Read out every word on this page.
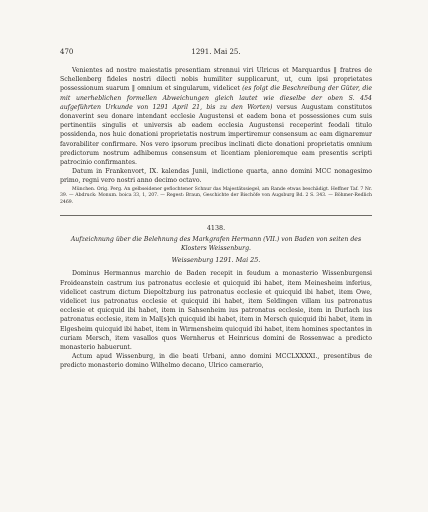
470	1291. Mai 25.

Venientes ad nostre maiestatis presentiam strennui viri Ulricus et Marquardus ‖ fratres de Schellenberg fideles nostri dilecti nobis humiliter supplicarunt, ut, cum ipsi proprietates possessionum suarum ‖ omnium et singularum, videlicet (es folgt die Beschreibung der Güter, die mit unerheblichen formellen Abweichungen gleich lautet wie dieselbe der oben S. 454 aufgeführten Urkunde von 1291 April 21, bis zu den Worten) versus Augustam constitutos donaverint seu donare intendant ecclesie Augustensi et eadem bona et possessiones cum suis pertinentiis singulis et universis ab eadem ecclesia Augustensi receperint feodali titulo possidenda, nos huic donationi proprietatis nostrum impertiremur consensum ac eam dignaremur favorabiliter confirmare. Nos vero ipsorum precibus inclinati dicte donationi proprietatis omnium predictorum nostrum adhibemus consensum et licentiam plenioremque eam presentis scripti patrocinio confirmantes.

Datum in Frankenvort, IX. kalendas Junii, indictione quarta, anno domini MCC nonagesimo primo, regni vero nostri anno decimo octavo.

München. Orig. Perg. An gelbseidener geflochtener Schnur das Majestätssiegel, am Rande etwas beschädigt. Heffner Taf. 7 Nr. 39. — Abdruck: Monum. boica 33, 1, 207. — Regest: Braun, Geschichte der Bischöfe von Augsburg Bd. 2 S. 343. — Böhmer-Redlich 2469.

4138.
Aufzeichnung über die Belehnung des Markgrafen Hermann (VII.) von Baden von seiten des Klosters Weissenburg.
Weissenburg 1291. Mai 25.

Dominus Hermannus marchio de Baden recepit in feudum a monasterio Wissenburgensi Froideanstein castrum ius patronatus ecclesie et quicquid ibi habet, item Meinesheim inferius, videlicet castrum dictum Diepoltzburg ius patronatus ecclesie et quicquid ibi habet, item Owe, videlicet ius patronatus ecclesie et quicquid ibi habet, item Seldingen villam ius patronatus ecclesie et quicquid ibi habet, item in Sahsenheim ius patronatus ecclesie, item in Durlach ius patronatus ecclesie, item in Mal[s]ch quicquid ibi habet, item in Mersch quicquid ibi habet, item in Elgesheim quicquid ibi habet, item in Wirmensheim quicquid ibi habet, item homines spectantes in curiam Mersch, item vasallos quos Wernherus et Heinricus domini de Rossenwac a predicto monasterio habuerunt.

Actum apud Wissenburg, in die beati Urbani, anno domini MCCLXXXXI., presentibus de predicto monasterio domino Wilhelmo decano, Ulrico camerario,
